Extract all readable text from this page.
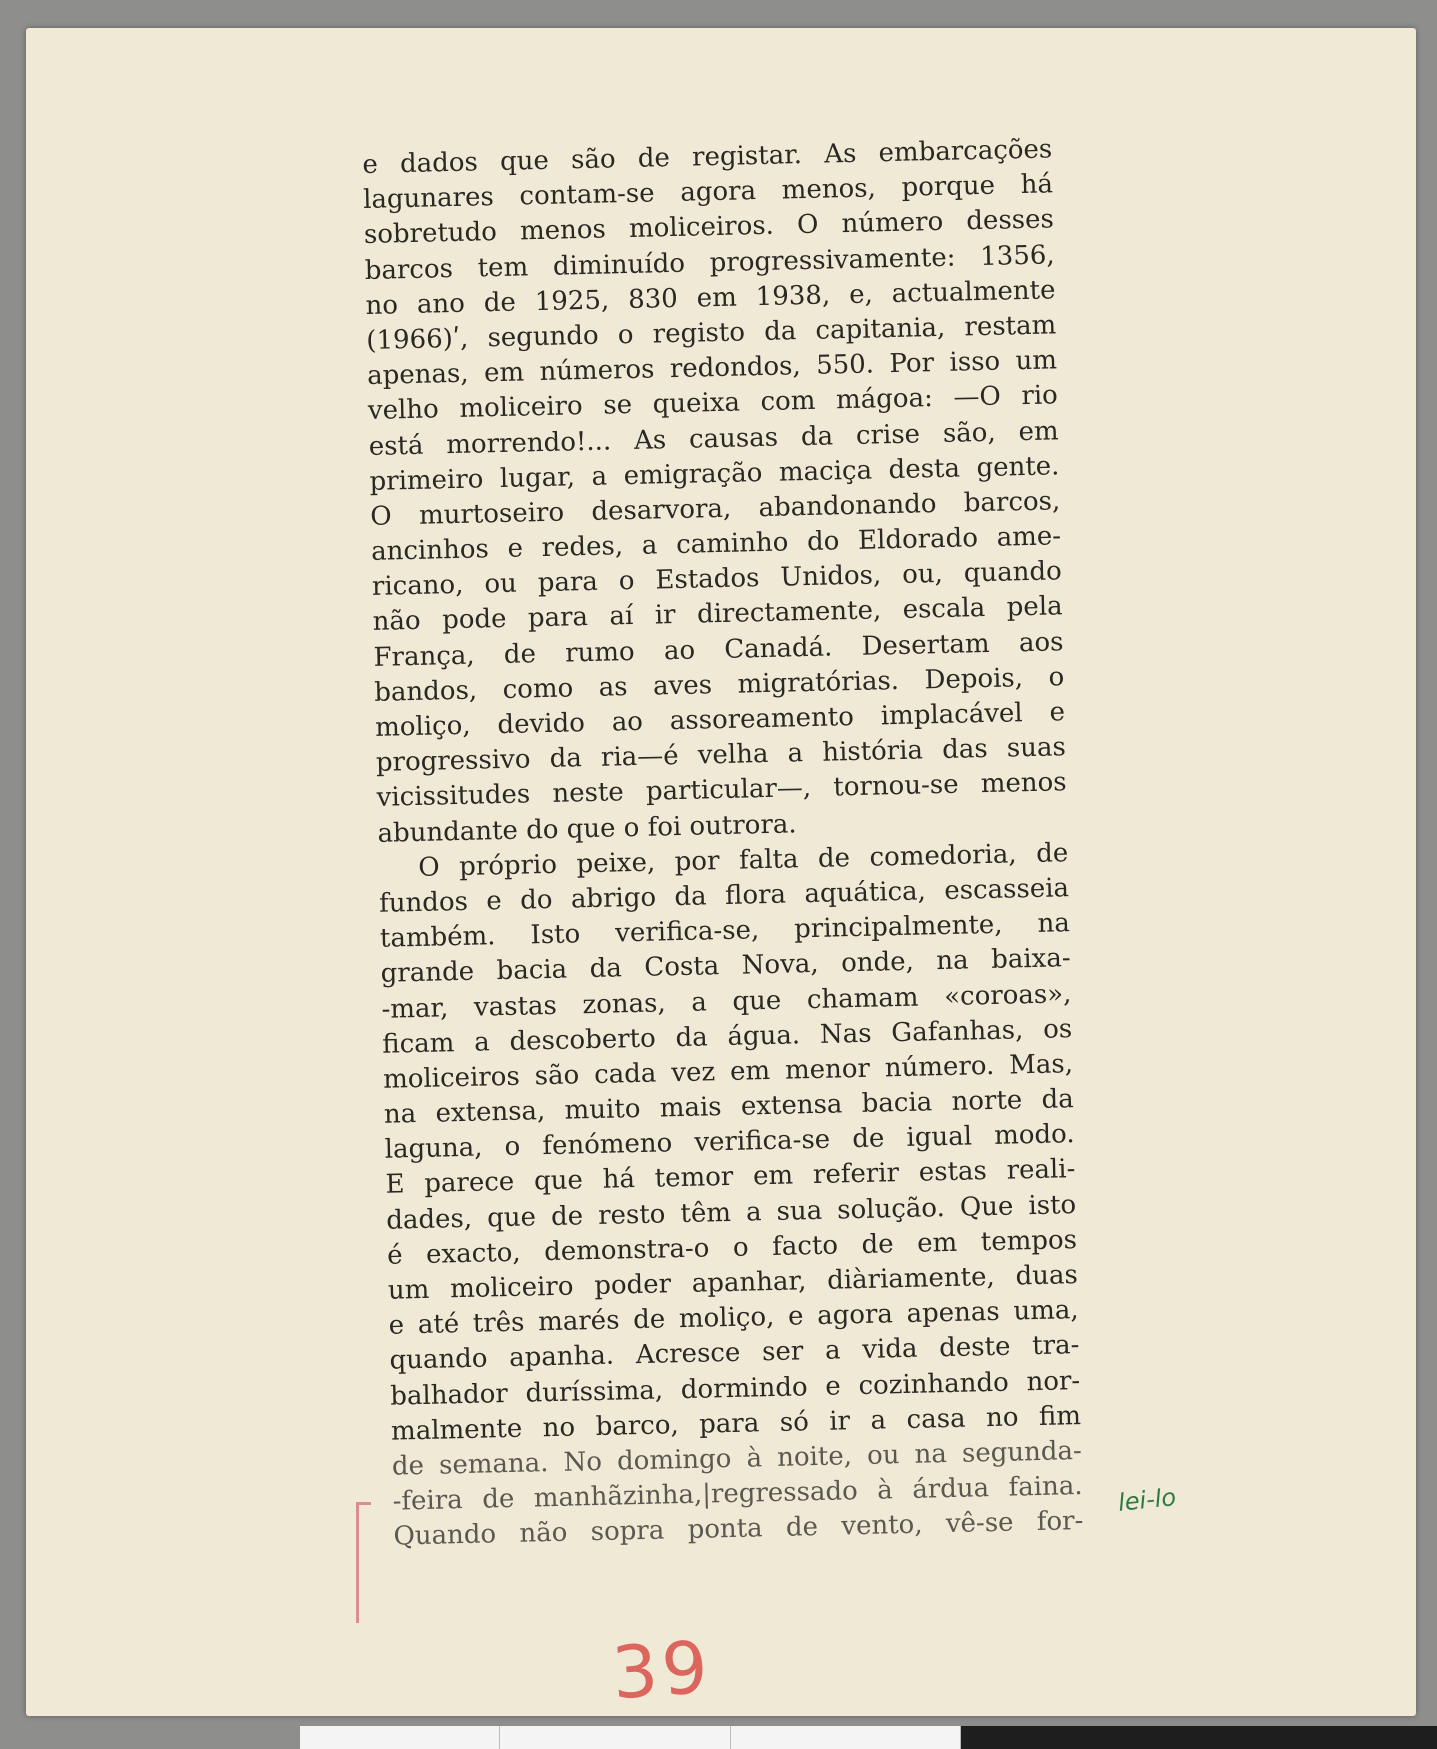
e dados que são de registar. As embarcações
lagunares contam-se agora menos, porque há
sobretudo menos moliceiros. O número desses
barcos tem diminuído progressivamente: 1356,
no ano de 1925, 830 em 1938, e, actualmente
(1966)ʹ, segundo o registo da capitania, restam
apenas, em números redondos, 550. Por isso um
velho moliceiro se queixa com mágoa: —O rio
está morrendo!... As causas da crise são, em
primeiro lugar, a emigração maciça desta gente.
O murtoseiro desarvora, abandonando barcos,
ancinhos e redes, a caminho do Eldorado ame-
ricano, ou para o Estados Unidos, ou, quando
não pode para aí ir directamente, escala pela
França, de rumo ao Canadá. Desertam aos
bandos, como as aves migratórias. Depois, o
moliço, devido ao assoreamento implacável e
progressivo da ria—é velha a história das suas
vicissitudes neste particular—, tornou-se menos
abundante do que o foi outrora.
O próprio peixe, por falta de comedoria, de
fundos e do abrigo da flora aquática, escasseia
também. Isto verifica-se, principalmente, na
grande bacia da Costa Nova, onde, na baixa-
-mar, vastas zonas, a que chamam «coroas»,
ficam a descoberto da água. Nas Gafanhas, os
moliceiros são cada vez em menor número. Mas,
na extensa, muito mais extensa bacia norte da
laguna, o fenómeno verifica-se de igual modo.
E parece que há temor em referir estas reali-
dades, que de resto têm a sua solução. Que isto
é exacto, demonstra-o o facto de em tempos
um moliceiro poder apanhar, diàriamente, duas
e até três marés de moliço, e agora apenas uma,
quando apanha. Acresce ser a vida deste tra-
balhador duríssima, dormindo e cozinhando nor-
malmente no barco, para só ir a casa no fim
de semana. No domingo à noite, ou na segunda-
-feira de manhãzinha,|regressado à árdua faina.
Quando não sopra ponta de vento, vê-se for-
lei-lo
39
